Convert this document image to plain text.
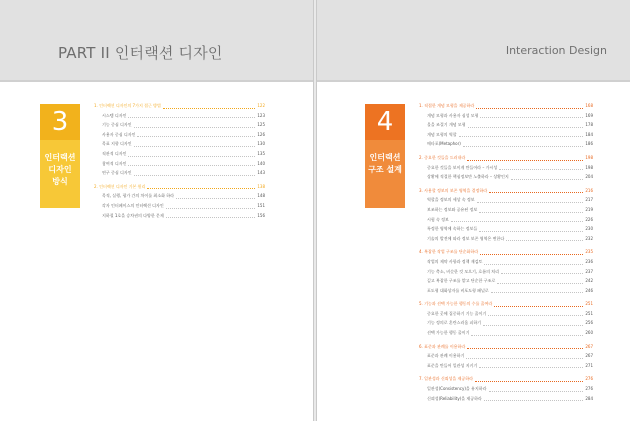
PART II 인터랙션 디자인
3
인터랙션
디자인
방식
1. 인터랙션 디자인의 7가지 접근 방법	122
시스템 디자인	123
기능 중심 디자인	125
사용자 중심 디자인	126
목표 지향 디자인	130
직관적 디자인	135
참여적 디자인	140
연구 중심 디자인	143
2. 인터랙션 디자인 기본 원리	138
목적, 실행, 평가 간의 차이를 최소화 하라	148
각자 인터페이스의 인터랙션 디자인	151
지하철 1호을 승차권의 다양한 문제	156
Interaction Design
4
인터랙션
구조 설계
1. 직접한 개념 모형을 제공하라	168
개념 모형과 사용자 심성 모형	169
올을 조절기 개념 모형	178
개념 모형의 역할	184
메타포(Metaphor)	186
2. 중요한 것들을 드러내라	198
중요한 것들을 보이게 만들어라 – 가시성	198
상황에 적절한 핵심정보만 노출하라 – 상황인지	204
3. 사용할 정보의 보존 영역을 결정하라	216
역할을 정보의 세상 속 정보	217
보조하는 정보와 공유된 정보	219
시험 속 정보	226
특정한 영역에 속하는 정보들	230
기술의 발전에 따라 정보 보존 영역은 변한다	232
4. 복잡한 작업 구조를 단순화하라	235
작업의 제약 사항과 정책 재검토	236
기능 축소, 비슷한 것 모으기, 흐름의 처리	237
깊고 복잡한 구조를 얕고 단순한 구조로	242
포도형 대화상자를 비포도형 패널로	246
5. 기능과 선택 가능한 행동의 수를 줄여라	251
중요한 곳에 집중하기 기능 줄이기	251
기능 정의로 혼란스러움 피하기	256
선택 가능한 행동 줄이기	260
6. 표준과 관례를 이용하라	267
표준과 관례 이용하기	267
표준을 만들어 일관성 지키기	271
7. 일관성과 신뢰성을 제공하라	276
일관성(Consistency)을 유지하라	276
신뢰성(Reliability)을 제공하라	284
